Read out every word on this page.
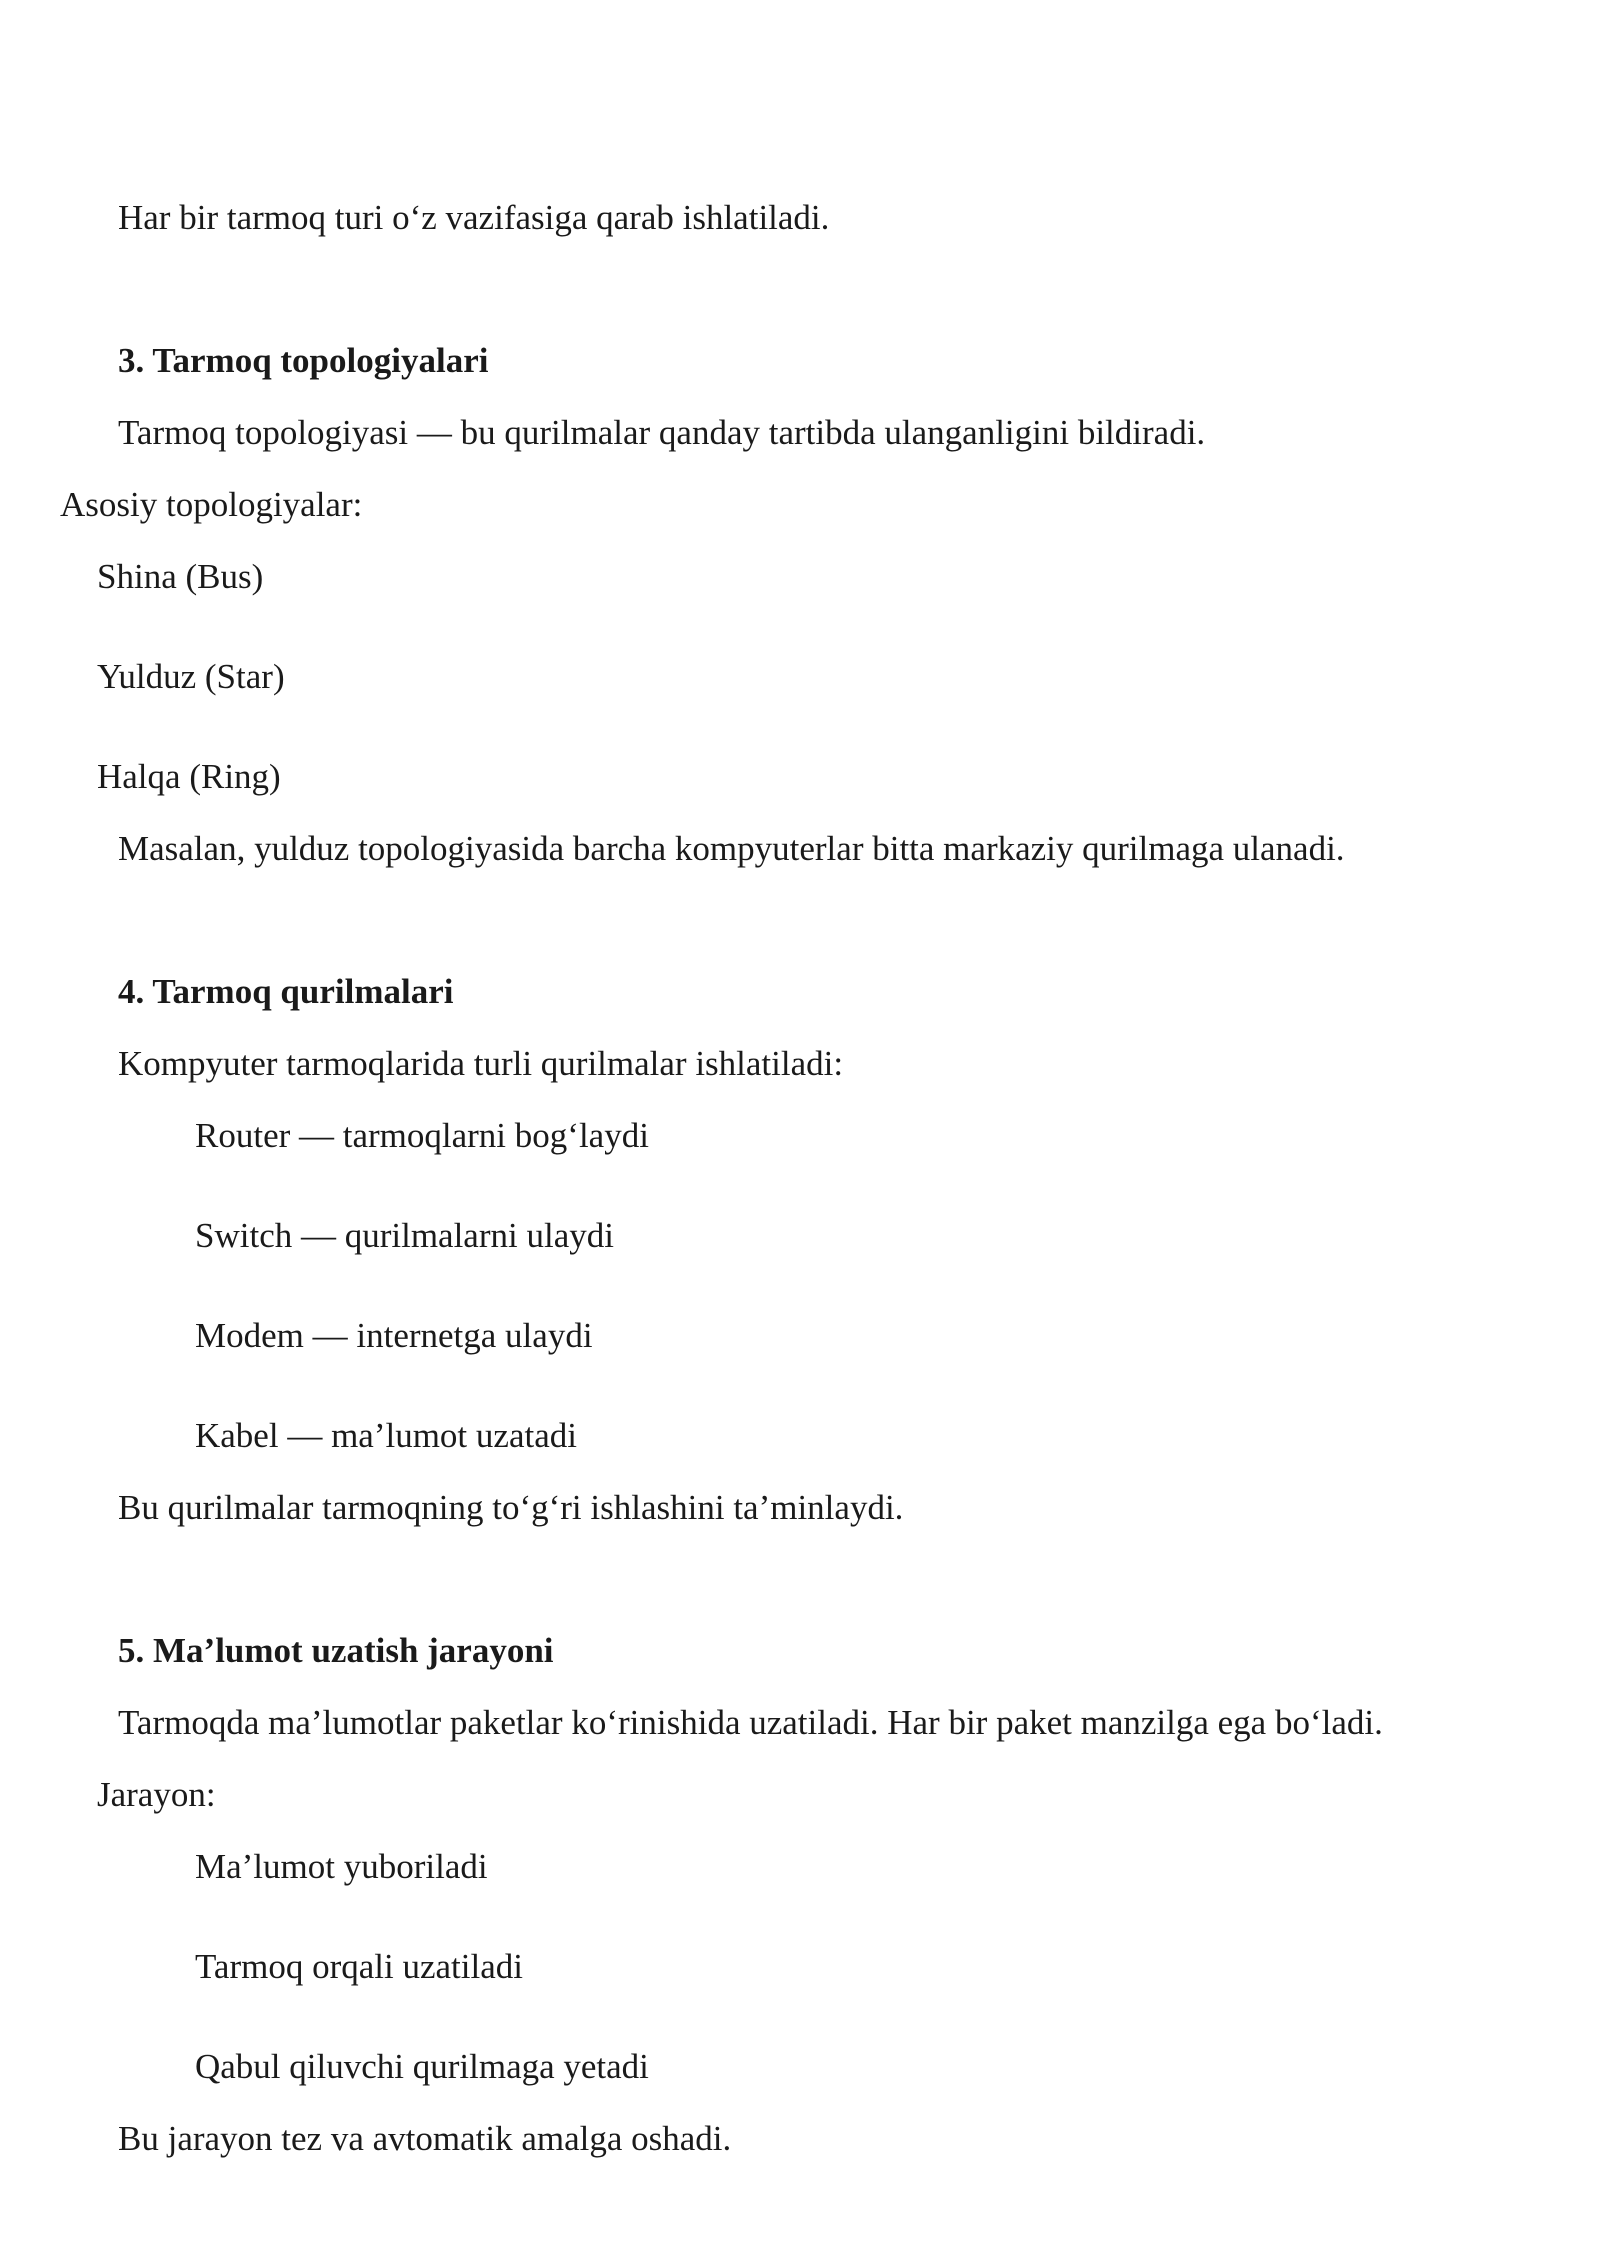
Har bir tarmoq turi o‘z vazifasiga qarab ishlatiladi.
3. Tarmoq topologiyalari
Tarmoq topologiyasi — bu qurilmalar qanday tartibda ulanganligini bildiradi.
Asosiy topologiyalar:
Shina (Bus)
Yulduz (Star)
Halqa (Ring)
Masalan, yulduz topologiyasida barcha kompyuterlar bitta markaziy qurilmaga ulanadi.
4. Tarmoq qurilmalari
Kompyuter tarmoqlarida turli qurilmalar ishlatiladi:
Router — tarmoqlarni bog‘laydi
Switch — qurilmalarni ulaydi
Modem — internetga ulaydi
Kabel — ma’lumot uzatadi
Bu qurilmalar tarmoqning to‘g‘ri ishlashini ta’minlaydi.
5. Ma’lumot uzatish jarayoni
Tarmoqda ma’lumotlar paketlar ko‘rinishida uzatiladi. Har bir paket manzilga ega bo‘ladi.
Jarayon:
Ma’lumot yuboriladi
Tarmoq orqali uzatiladi
Qabul qiluvchi qurilmaga yetadi
Bu jarayon tez va avtomatik amalga oshadi.
